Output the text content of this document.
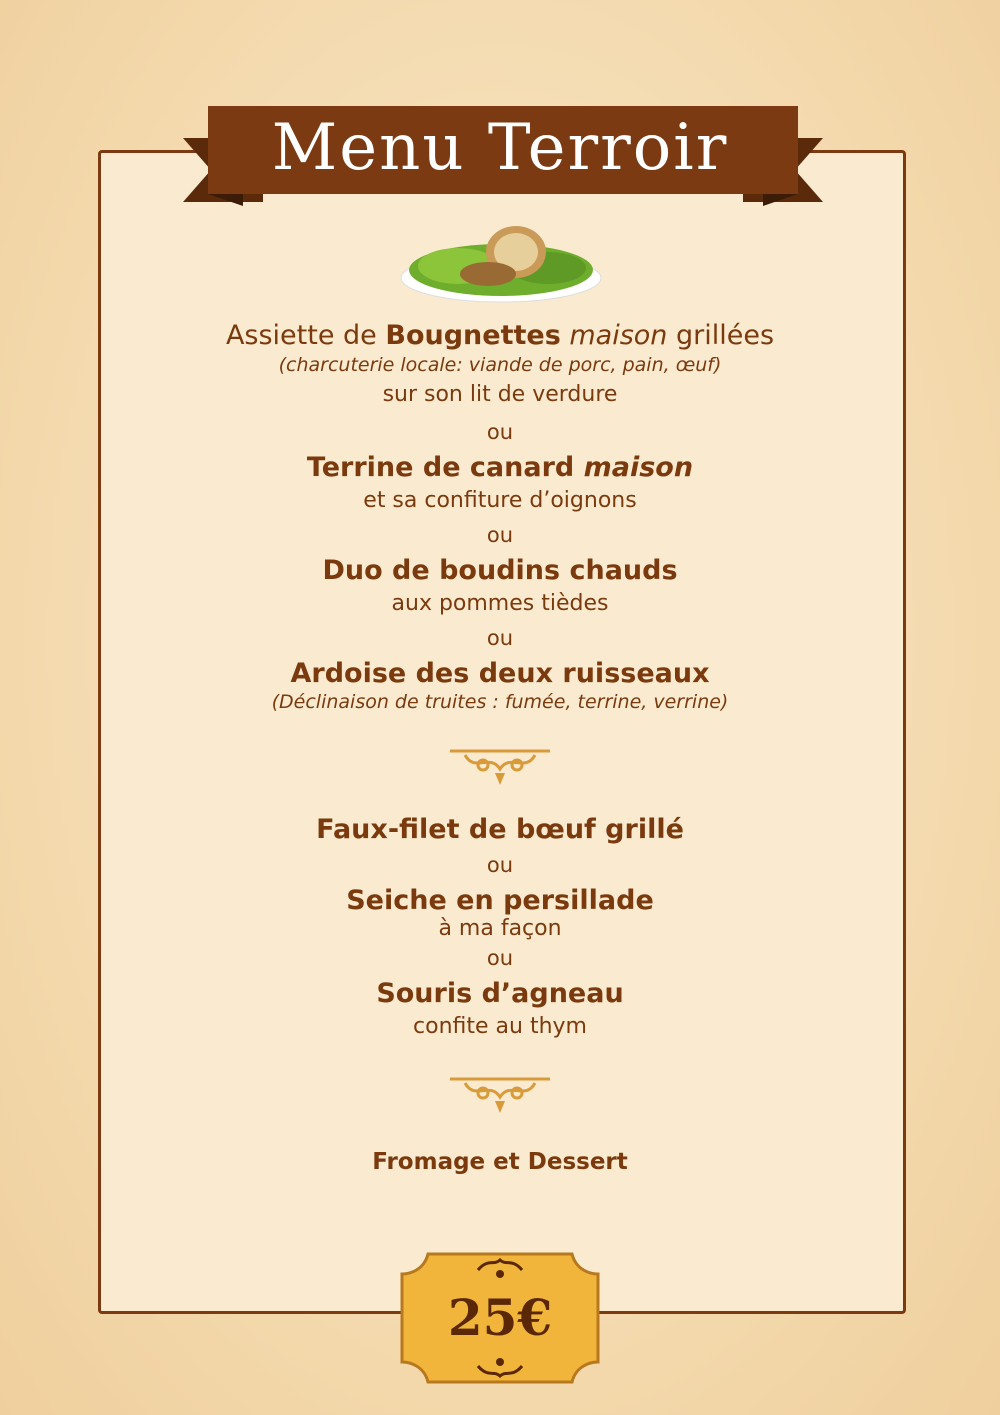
Menu Terroir
Assiette de Bougnettes maison grillées
(charcuterie locale: viande de porc, pain, œuf)
sur son lit de verdure
ou
Terrine de canard maison
et sa confiture d’oignons
ou
Duo de boudins chauds
aux pommes tièdes
ou
Ardoise des deux ruisseaux
(Déclinaison de truites : fumée, terrine, verrine)
Faux-filet de bœuf grillé
ou
Seiche en persillade
à ma façon
ou
Souris d’agneau
confite au thym
Fromage et Dessert
25€
